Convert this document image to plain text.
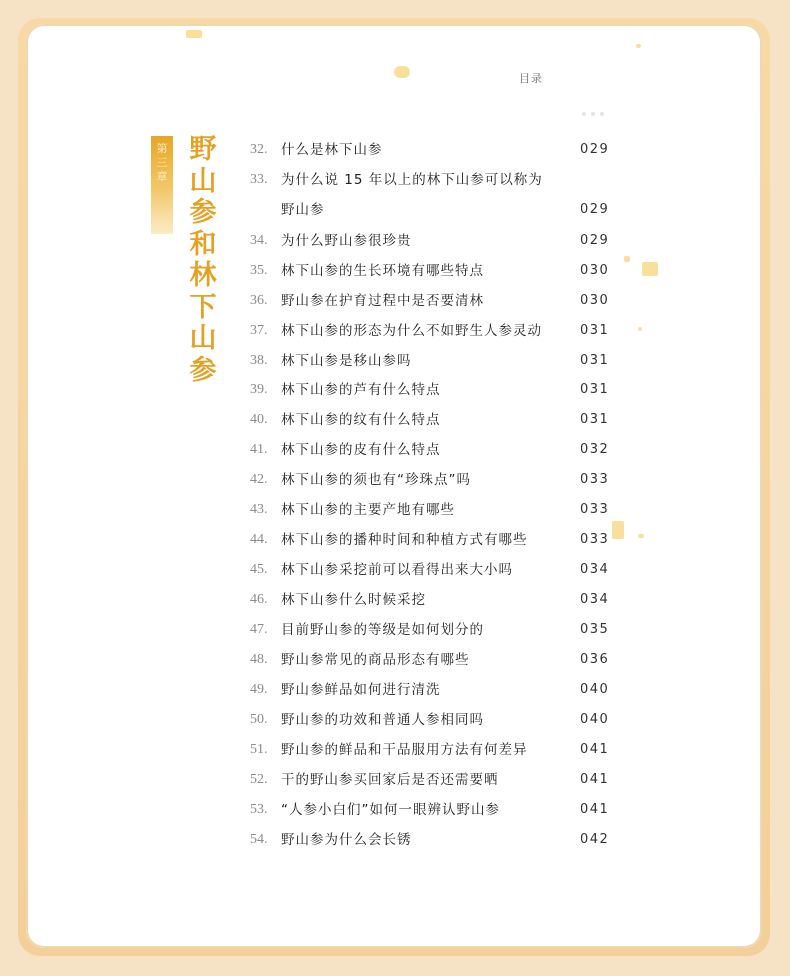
目录
第
三
章
野
山
参
和
林
下
山
参
32.	什么是林下山参	029
33.	为什么说 15 年以上的林下山参可以称为
野山参	029
34.	为什么野山参很珍贵	029
35.	林下山参的生长环境有哪些特点	030
36.	野山参在护育过程中是否要清林	030
37.	林下山参的形态为什么不如野生人参灵动	031
38.	林下山参是移山参吗	031
39.	林下山参的芦有什么特点	031
40.	林下山参的纹有什么特点	031
41.	林下山参的皮有什么特点	032
42.	林下山参的须也有“珍珠点”吗	033
43.	林下山参的主要产地有哪些	033
44.	林下山参的播种时间和种植方式有哪些	033
45.	林下山参采挖前可以看得出来大小吗	034
46.	林下山参什么时候采挖	034
47.	目前野山参的等级是如何划分的	035
48.	野山参常见的商品形态有哪些	036
49.	野山参鲜品如何进行清洗	040
50.	野山参的功效和普通人参相同吗	040
51.	野山参的鲜品和干品服用方法有何差异	041
52.	干的野山参买回家后是否还需要晒	041
53.	“人参小白们”如何一眼辨认野山参	041
54.	野山参为什么会长锈	042
